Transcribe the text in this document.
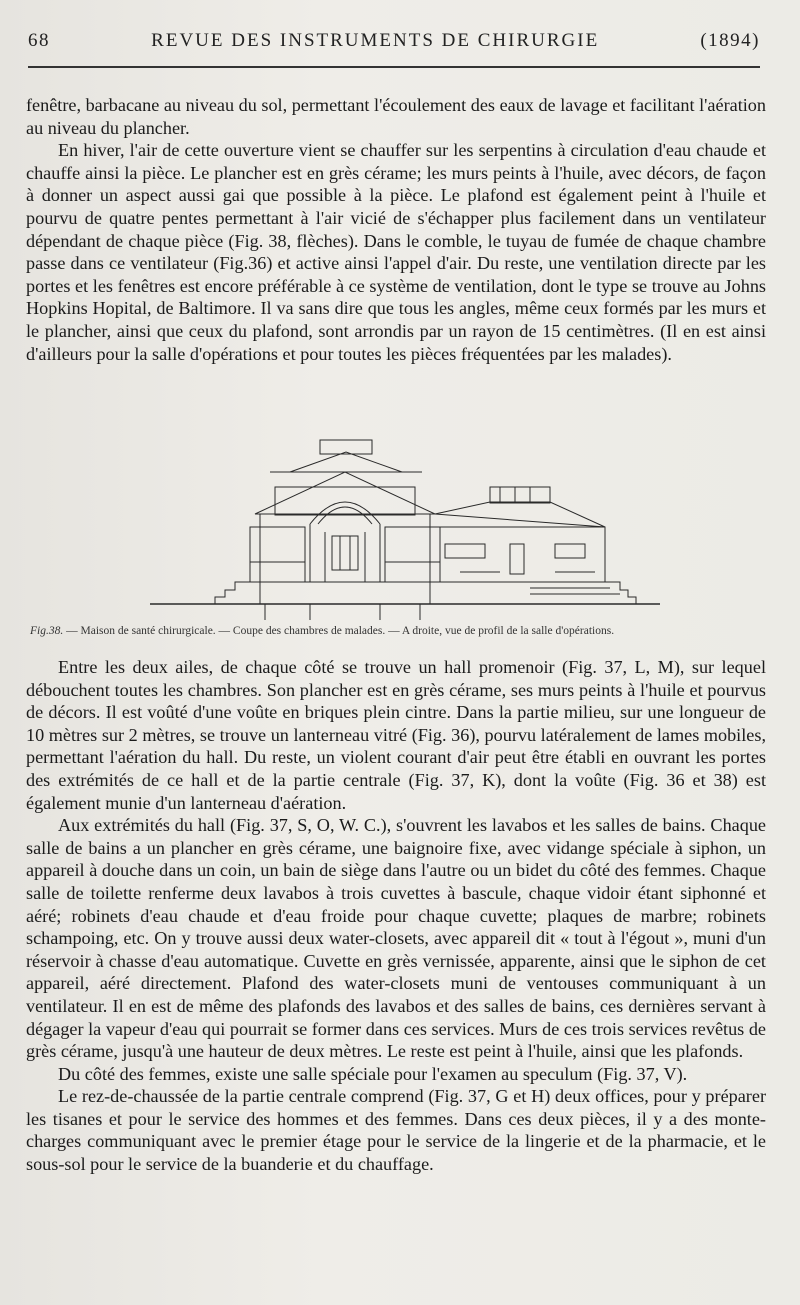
68	REVUE DES INSTRUMENTS DE CHIRURGIE	(1894)

fenêtre, barbacane au niveau du sol, permettant l'écoulement des eaux de lavage et facilitant l'aération au niveau du plancher.

En hiver, l'air de cette ouverture vient se chauffer sur les serpentins à circulation d'eau chaude et chauffe ainsi la pièce. Le plancher est en grès cérame; les murs peints à l'huile, avec décors, de façon à donner un aspect aussi gai que possible à la pièce. Le plafond est également peint à l'huile et pourvu de quatre pentes permettant à l'air vicié de s'échapper plus facilement dans un ventilateur dépendant de chaque pièce (Fig. 38, flèches). Dans le comble, le tuyau de fumée de chaque chambre passe dans ce ventilateur (Fig.36) et active ainsi l'appel d'air. Du reste, une ventilation directe par les portes et les fenêtres est encore préférable à ce système de ventilation, dont le type se trouve au Johns Hopkins Hopital, de Baltimore. Il va sans dire que tous les angles, même ceux formés par les murs et le plancher, ainsi que ceux du plafond, sont arrondis par un rayon de 15 centimètres. (Il en est ainsi d'ailleurs pour la salle d'opérations et pour toutes les pièces fréquentées par les malades).

Fig.38. — Maison de santé chirurgicale. — Coupe des chambres de malades. — A droite, vue de profil de la salle d'opérations.

Entre les deux ailes, de chaque côté se trouve un hall promenoir (Fig. 37, L, M), sur lequel débouchent toutes les chambres. Son plancher est en grès cérame, ses murs peints à l'huile et pourvus de décors. Il est voûté d'une voûte en briques plein cintre. Dans la partie milieu, sur une longueur de 10 mètres sur 2 mètres, se trouve un lanterneau vitré (Fig. 36), pourvu latéralement de lames mobiles, permettant l'aération du hall. Du reste, un violent courant d'air peut être établi en ouvrant les portes des extrémités de ce hall et de la partie centrale (Fig. 37, K), dont la voûte (Fig. 36 et 38) est également munie d'un lanterneau d'aération.

Aux extrémités du hall (Fig. 37, S, O, W. C.), s'ouvrent les lavabos et les salles de bains. Chaque salle de bains a un plancher en grès cérame, une baignoire fixe, avec vidange spéciale à siphon, un appareil à douche dans un coin, un bain de siège dans l'autre ou un bidet du côté des femmes. Chaque salle de toilette renferme deux lavabos à trois cuvettes à bascule, chaque vidoir étant siphonné et aéré; robinets d'eau chaude et d'eau froide pour chaque cuvette; plaques de marbre; robinets schampoing, etc. On y trouve aussi deux water-closets, avec appareil dit « tout à l'égout », muni d'un réservoir à chasse d'eau automatique. Cuvette en grès vernissée, apparente, ainsi que le siphon de cet appareil, aéré directement. Plafond des water-closets muni de ventouses communiquant à un ventilateur. Il en est de même des plafonds des lavabos et des salles de bains, ces dernières servant à dégager la vapeur d'eau qui pourrait se former dans ces services. Murs de ces trois services revêtus de grès cérame, jusqu'à une hauteur de deux mètres. Le reste est peint à l'huile, ainsi que les plafonds.

Du côté des femmes, existe une salle spéciale pour l'examen au speculum (Fig. 37, V).

Le rez-de-chaussée de la partie centrale comprend (Fig. 37, G et H) deux offices, pour y préparer les tisanes et pour le service des hommes et des femmes. Dans ces deux pièces, il y a des monte-charges communiquant avec le premier étage pour le service de la lingerie et de la pharmacie, et le sous-sol pour le service de la buanderie et du chauffage.
